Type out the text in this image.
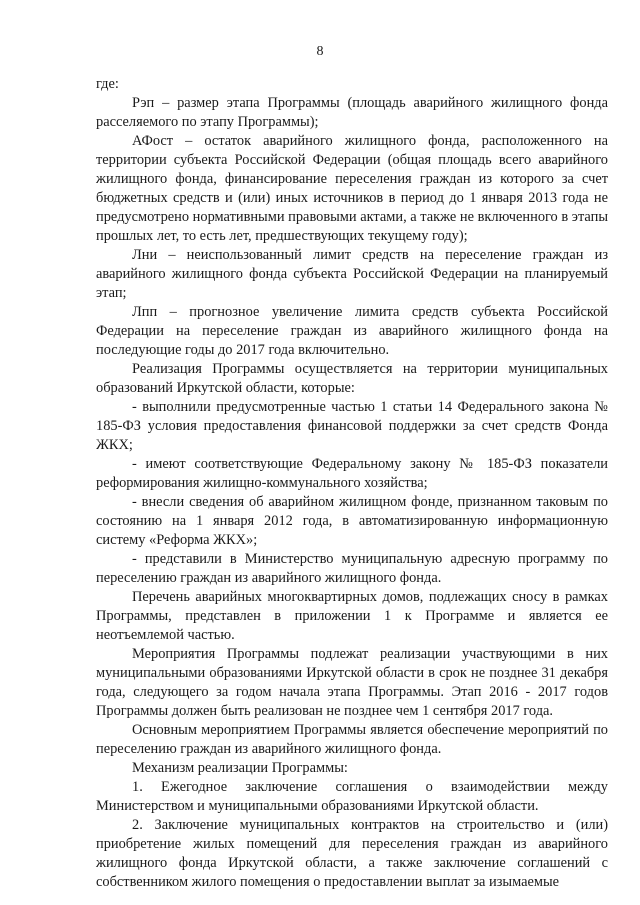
8

где:

Рэп – размер этапа Программы (площадь аварийного жилищного фонда расселяемого по этапу Программы);

АФост – остаток аварийного жилищного фонда, расположенного на территории субъекта Российской Федерации (общая площадь всего аварийного жилищного фонда, финансирование переселения граждан из которого за счет бюджетных средств и (или) иных источников в период до 1 января 2013 года не предусмотрено нормативными правовыми актами, а также не включенного в этапы прошлых лет, то есть лет, предшествующих текущему году);

Лни – неиспользованный лимит средств на переселение граждан из аварийного жилищного фонда субъекта Российской Федерации на планируемый этап;

Лпп – прогнозное увеличение лимита средств субъекта Российской Федерации на переселение граждан из аварийного жилищного фонда на последующие годы до 2017 года включительно.

Реализация Программы осуществляется на территории муниципальных образований Иркутской области, которые:

- выполнили предусмотренные частью 1 статьи 14 Федерального закона № 185-ФЗ условия предоставления финансовой поддержки за счет средств Фонда ЖКХ;

- имеют соответствующие Федеральному закону № 185-ФЗ показатели реформирования жилищно-коммунального хозяйства;

- внесли сведения об аварийном жилищном фонде, признанном таковым по состоянию на 1 января 2012 года, в автоматизированную информационную систему «Реформа ЖКХ»;

- представили в Министерство муниципальную адресную программу по переселению граждан из аварийного жилищного фонда.

Перечень аварийных многоквартирных домов, подлежащих сносу в рамках Программы, представлен в приложении 1 к Программе и является ее неотъемлемой частью.

Мероприятия Программы подлежат реализации участвующими в них муниципальными образованиями Иркутской области в срок не позднее 31 декабря года, следующего за годом начала этапа Программы. Этап 2016 - 2017 годов Программы должен быть реализован не позднее чем 1 сентября 2017 года.

Основным мероприятием Программы является обеспечение мероприятий по переселению граждан из аварийного жилищного фонда.

Механизм реализации Программы:

1. Ежегодное заключение соглашения о взаимодействии между Министерством и муниципальными образованиями Иркутской области.

2. Заключение муниципальных контрактов на строительство и (или) приобретение жилых помещений для переселения граждан из аварийного жилищного фонда Иркутской области, а также заключение соглашений с собственником жилого помещения о предоставлении выплат за изымаемые
